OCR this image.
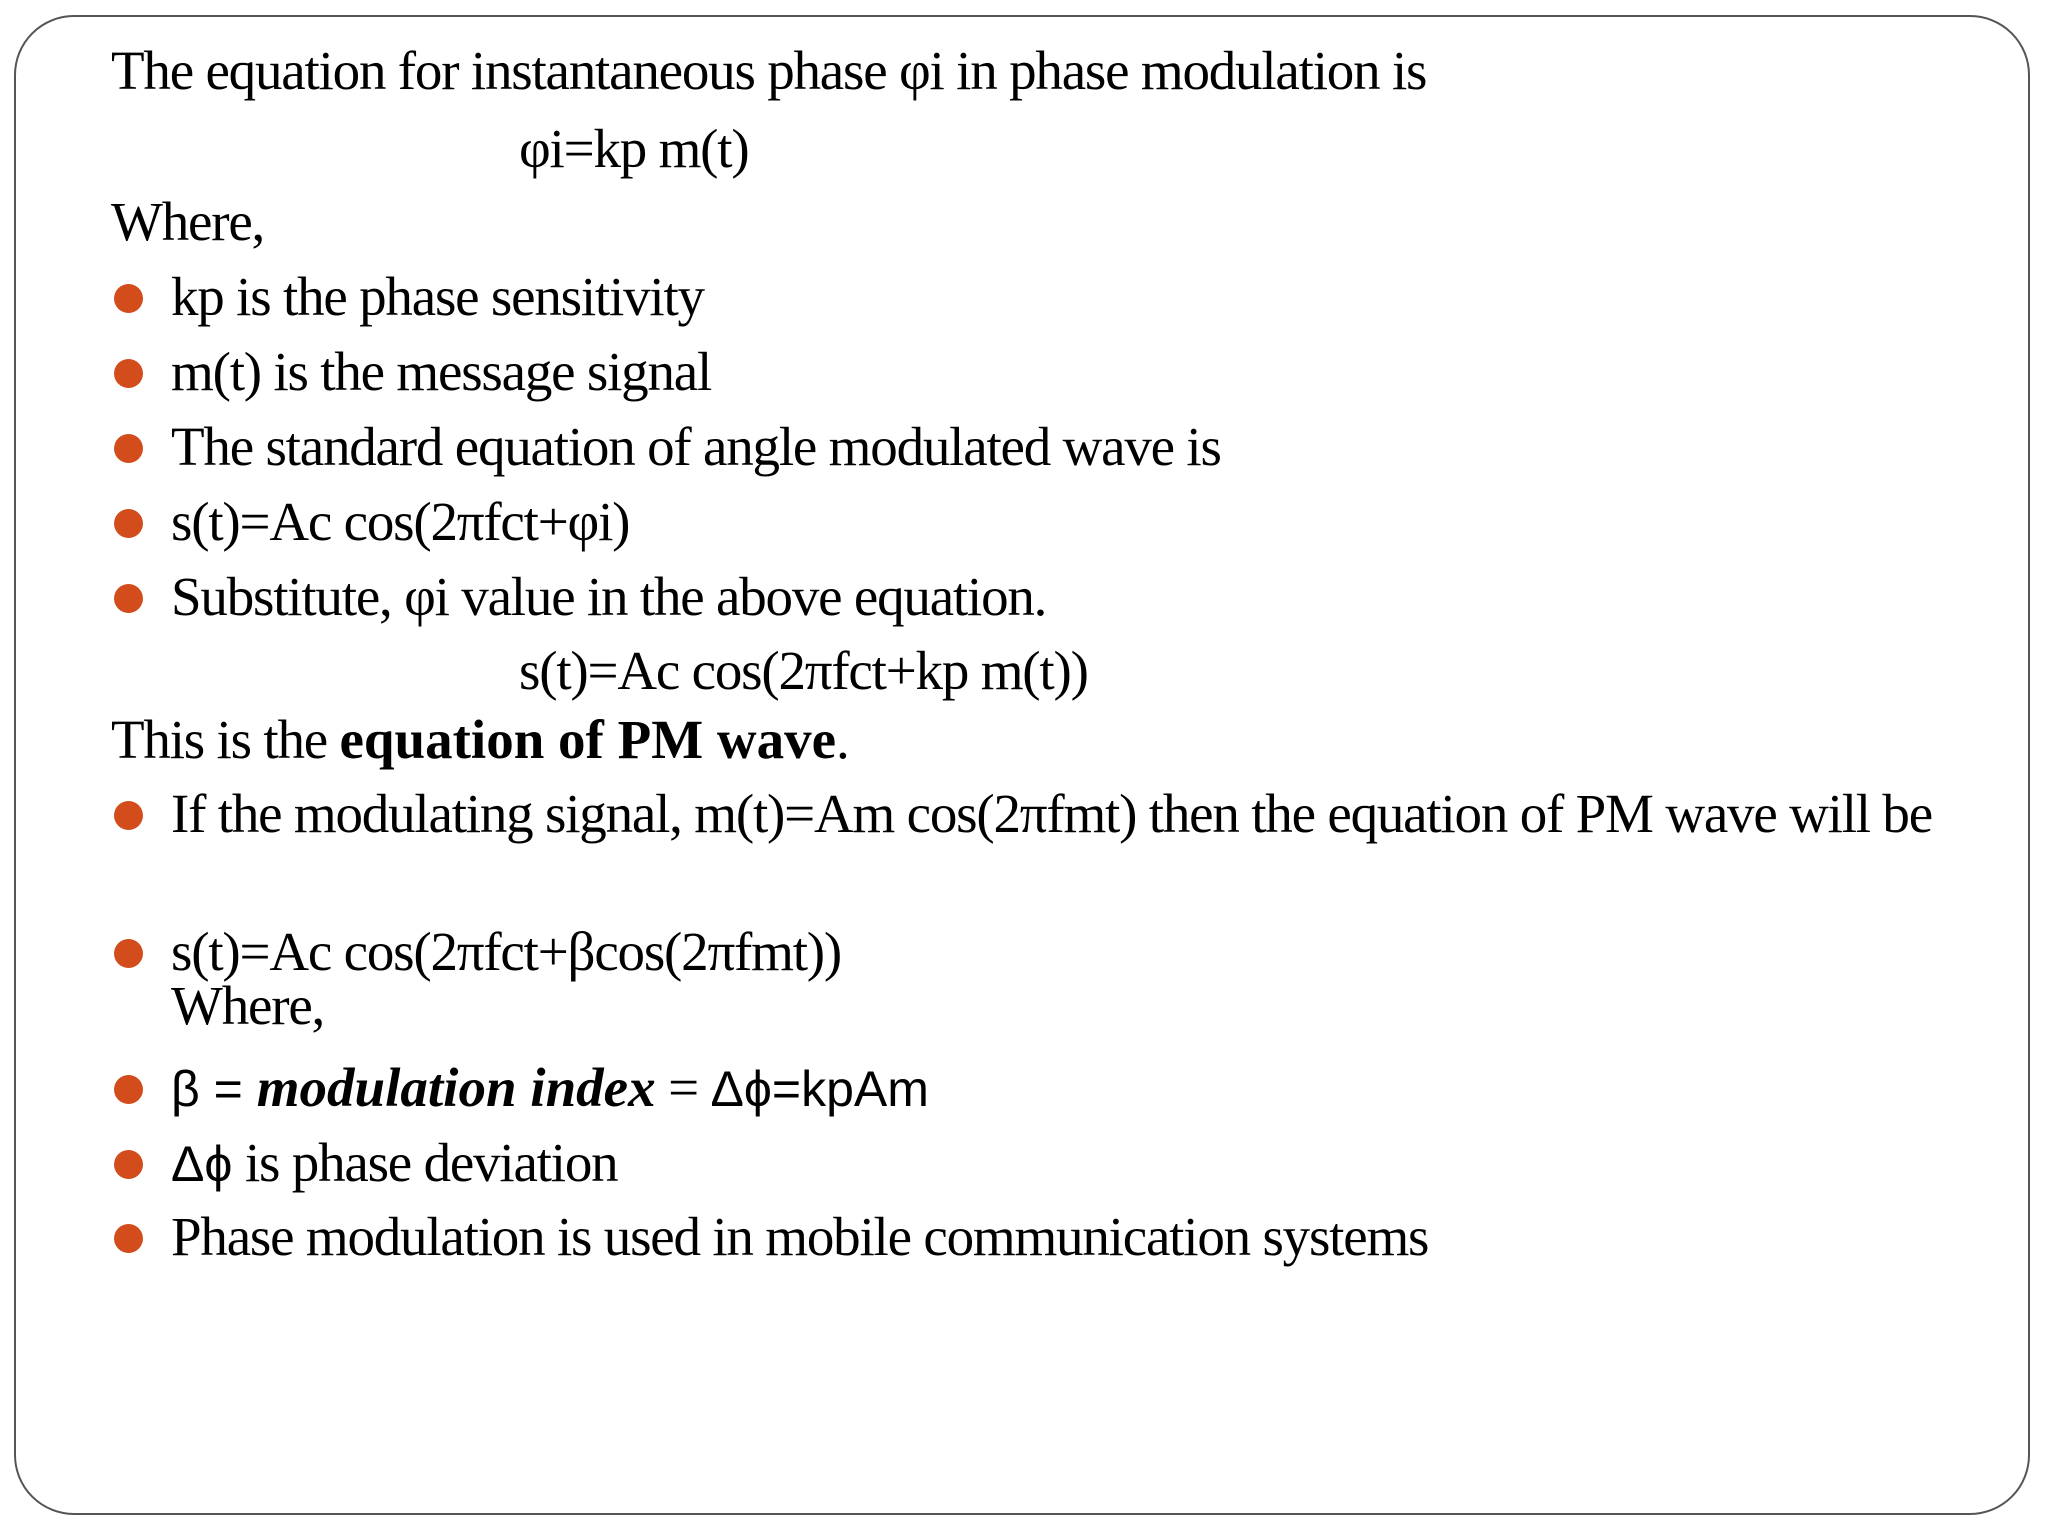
The equation for instantaneous phase φi in phase modulation is
φi=kp m(t)
Where,
kp is the phase sensitivity
m(t) is the message signal
The standard equation of angle modulated wave is
s(t)=Ac cos(2πfct+φi)
Substitute, φi value in the above equation.
s(t)=Ac cos(2πfct+kp m(t))
This is the equation of PM wave.
If the modulating signal, m(t)=Am cos(2πfmt) then the equation of PM wave will be
s(t)=Ac cos(2πfct+βcos(2πfmt))
Where,
β = modulation index = Δϕ=kpAm
Δϕ is phase deviation
Phase modulation is used in mobile communication systems
